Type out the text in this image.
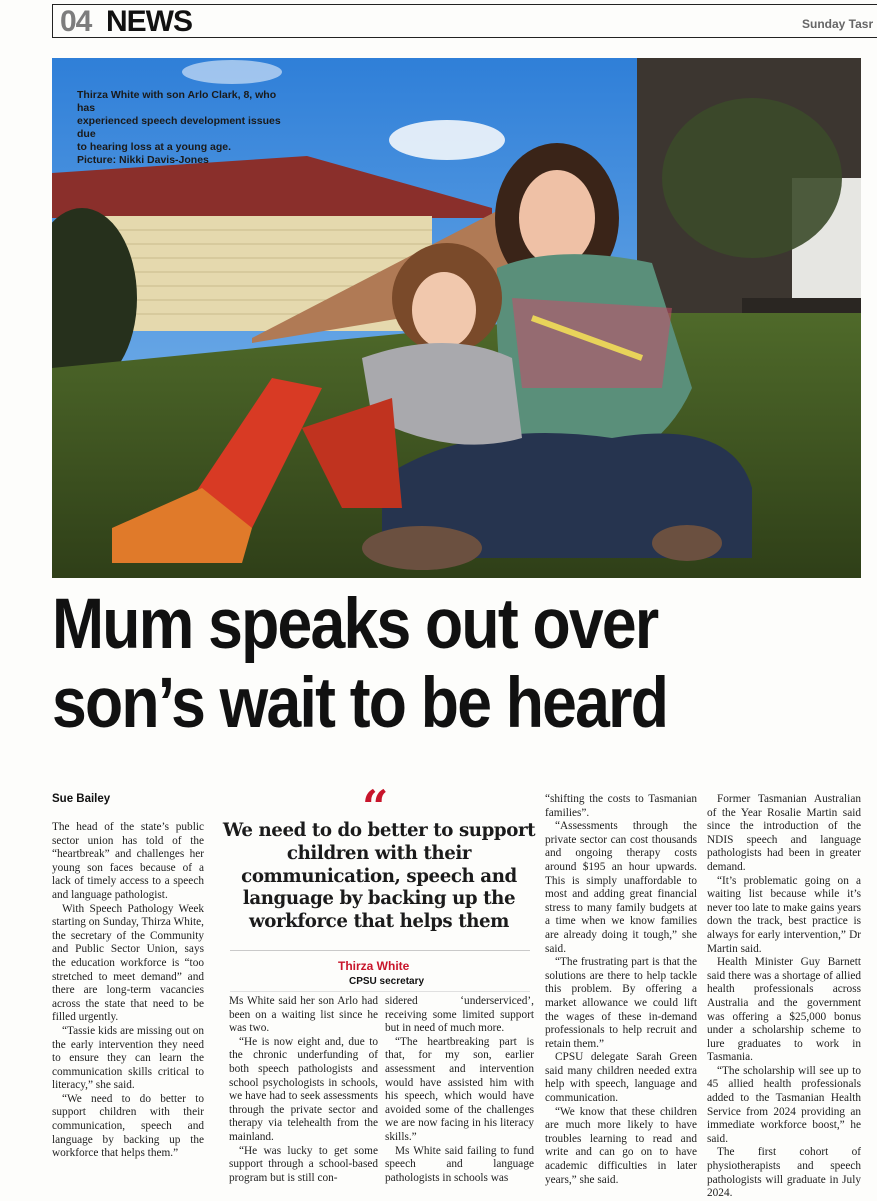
04 NEWS	Sunday Tasr
Thirza White with son Arlo Clark, 8, who has
experienced speech development issues due
to hearing loss at a young age.
Picture: Nikki Davis-Jones
Mum speaks out over
son’s wait to be heard
Sue Bailey

The head of the state’s public sector union has told of the “heartbreak” and challenges her young son faces because of a lack of timely access to a speech and language pathologist.

With Speech Pathology Week starting on Sunday, Thirza White, the secretary of the Community and Public Sector Union, says the education workforce is “too stretched to meet demand” and there are long-term vacancies across the state that need to be filled urgently.

“Tassie kids are missing out on the early intervention they need to ensure they can learn the communication skills critical to literacy,” she said.

“We need to do better to support children with their communication, speech and language by backing up the workforce that helps them.”

“
We need to do better to support children with their communication, speech and language by backing up the workforce that helps them
Thirza White
CPSU secretary

Ms White said her son Arlo had been on a waiting list since he was two.

“He is now eight and, due to the chronic underfunding of both speech pathologists and school psychologists in schools, we have had to seek assessments through the private sector and therapy via telehealth from the mainland.

“He was lucky to get some support through a school-based program but is still con-

sidered ‘underserviced’, receiving some limited support but in need of much more.

“The heartbreaking part is that, for my son, earlier assessment and intervention would have assisted him with his speech, which would have avoided some of the challenges we are now facing in his literacy skills.”

Ms White said failing to fund speech and language pathologists in schools was

“shifting the costs to Tasmanian families”.

“Assessments through the private sector can cost thousands and ongoing therapy costs around $195 an hour upwards. This is simply unaffordable to most and adding great financial stress to many family budgets at a time when we know families are already doing it tough,” she said.

“The frustrating part is that the solutions are there to help tackle this problem. By offering a market allowance we could lift the wages of these in-demand professionals to help recruit and retain them.”

CPSU delegate Sarah Green said many children needed extra help with speech, language and communication.

“We know that these children are much more likely to have troubles learning to read and write and can go on to have academic difficulties in later years,” she said.

Former Tasmanian Australian of the Year Rosalie Martin said since the introduction of the NDIS speech and language pathologists had been in greater demand.

“It’s problematic going on a waiting list because while it’s never too late to make gains years down the track, best practice is always for early intervention,” Dr Martin said.

Health Minister Guy Barnett said there was a shortage of allied health professionals across Australia and the government was offering a $25,000 bonus under a scholarship scheme to lure graduates to work in Tasmania.

“The scholarship will see up to 45 allied health professionals added to the Tasmanian Health Service from 2024 providing an immediate workforce boost,” he said.

The first cohort of physiotherapists and speech pathologists will graduate in July 2024.
